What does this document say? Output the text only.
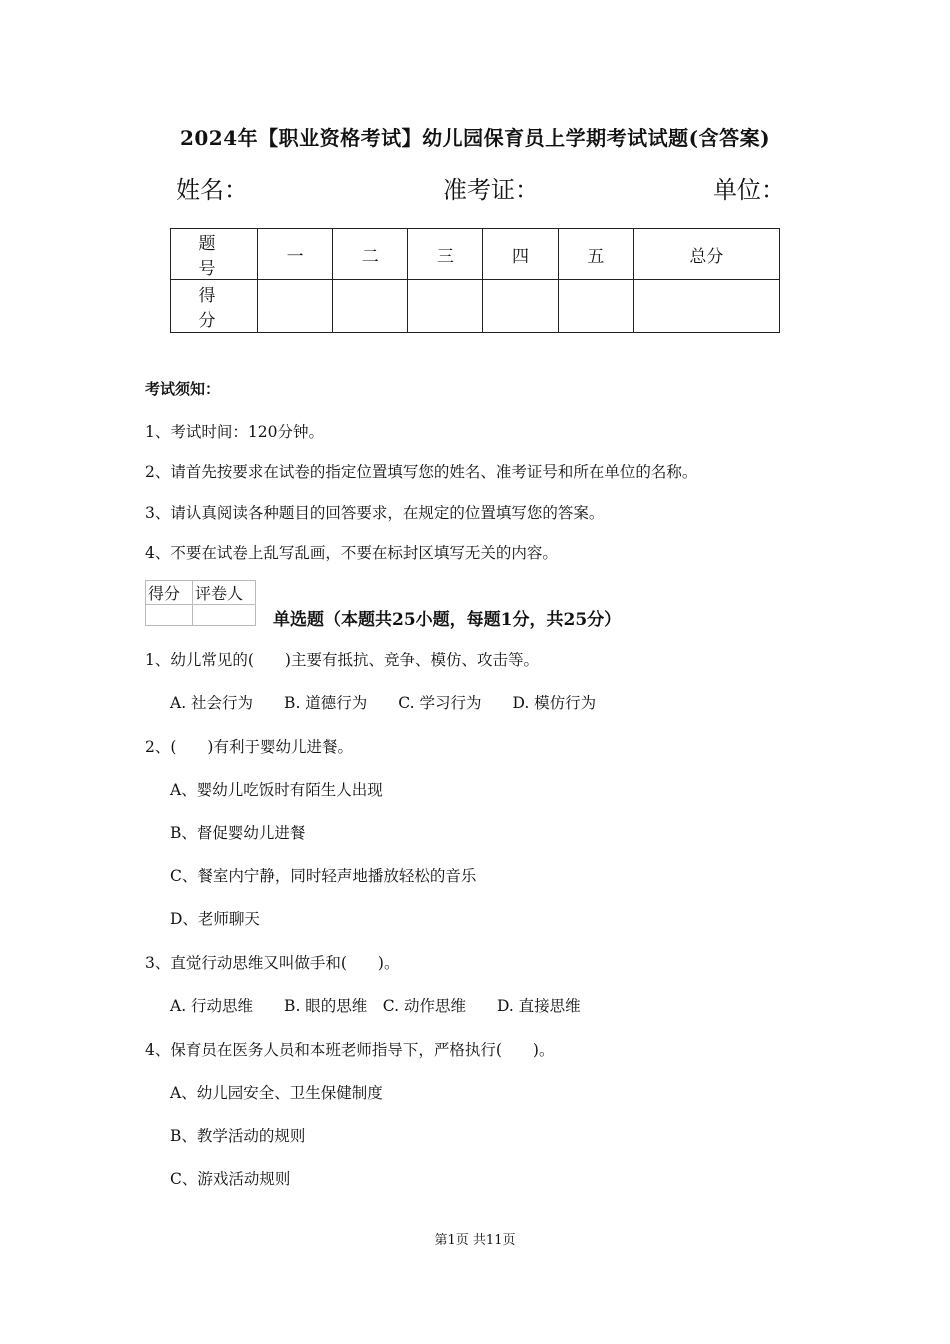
2024年【职业资格考试】幼儿园保育员上学期考试试题(含答案)
姓名：	准考证：	单位：
题　号	一	二	三	四	五	总分
得　分						
考试须知：
1、考试时间：120分钟。
2、请首先按要求在试卷的指定位置填写您的姓名、准考证号和所在单位的名称。
3、请认真阅读各种题目的回答要求，在规定的位置填写您的答案。
4、不要在试卷上乱写乱画，不要在标封区填写无关的内容。
得分	评卷人

单选题（本题共25小题，每题1分，共25分）
1、幼儿常见的(　　)主要有抵抗、竞争、模仿、攻击等。
A. 社会行为　　B. 道德行为　　C. 学习行为　　D. 模仿行为
2、(　　)有利于婴幼儿进餐。
A、婴幼儿吃饭时有陌生人出现
B、督促婴幼儿进餐
C、餐室内宁静，同时轻声地播放轻松的音乐
D、老师聊天
3、直觉行动思维又叫做手和(　　)。
A. 行动思维　　B. 眼的思维　C. 动作思维　　D. 直接思维
4、保育员在医务人员和本班老师指导下，严格执行(　　)。
A、幼儿园安全、卫生保健制度
B、教学活动的规则
C、游戏活动规则
第1页 共11页
